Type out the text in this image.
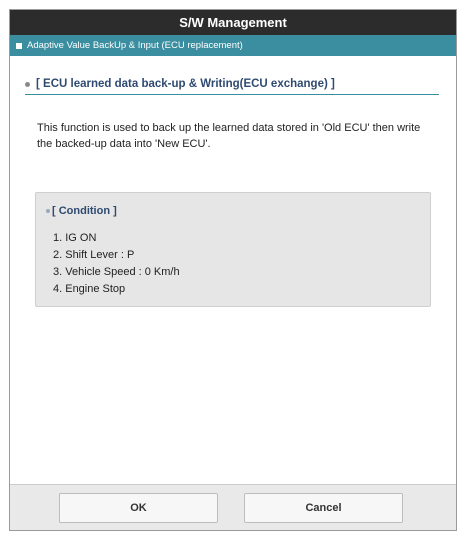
S/W Management
Adaptive Value BackUp & Input (ECU replacement)
[ ECU learned data back-up & Writing(ECU exchange) ]
This function is used to back up the learned data stored in 'Old ECU' then write the backed-up data into 'New ECU'.
[ Condition ]
1. IG ON
2. Shift Lever : P
3. Vehicle Speed : 0 Km/h
4. Engine Stop
OK	Cancel
